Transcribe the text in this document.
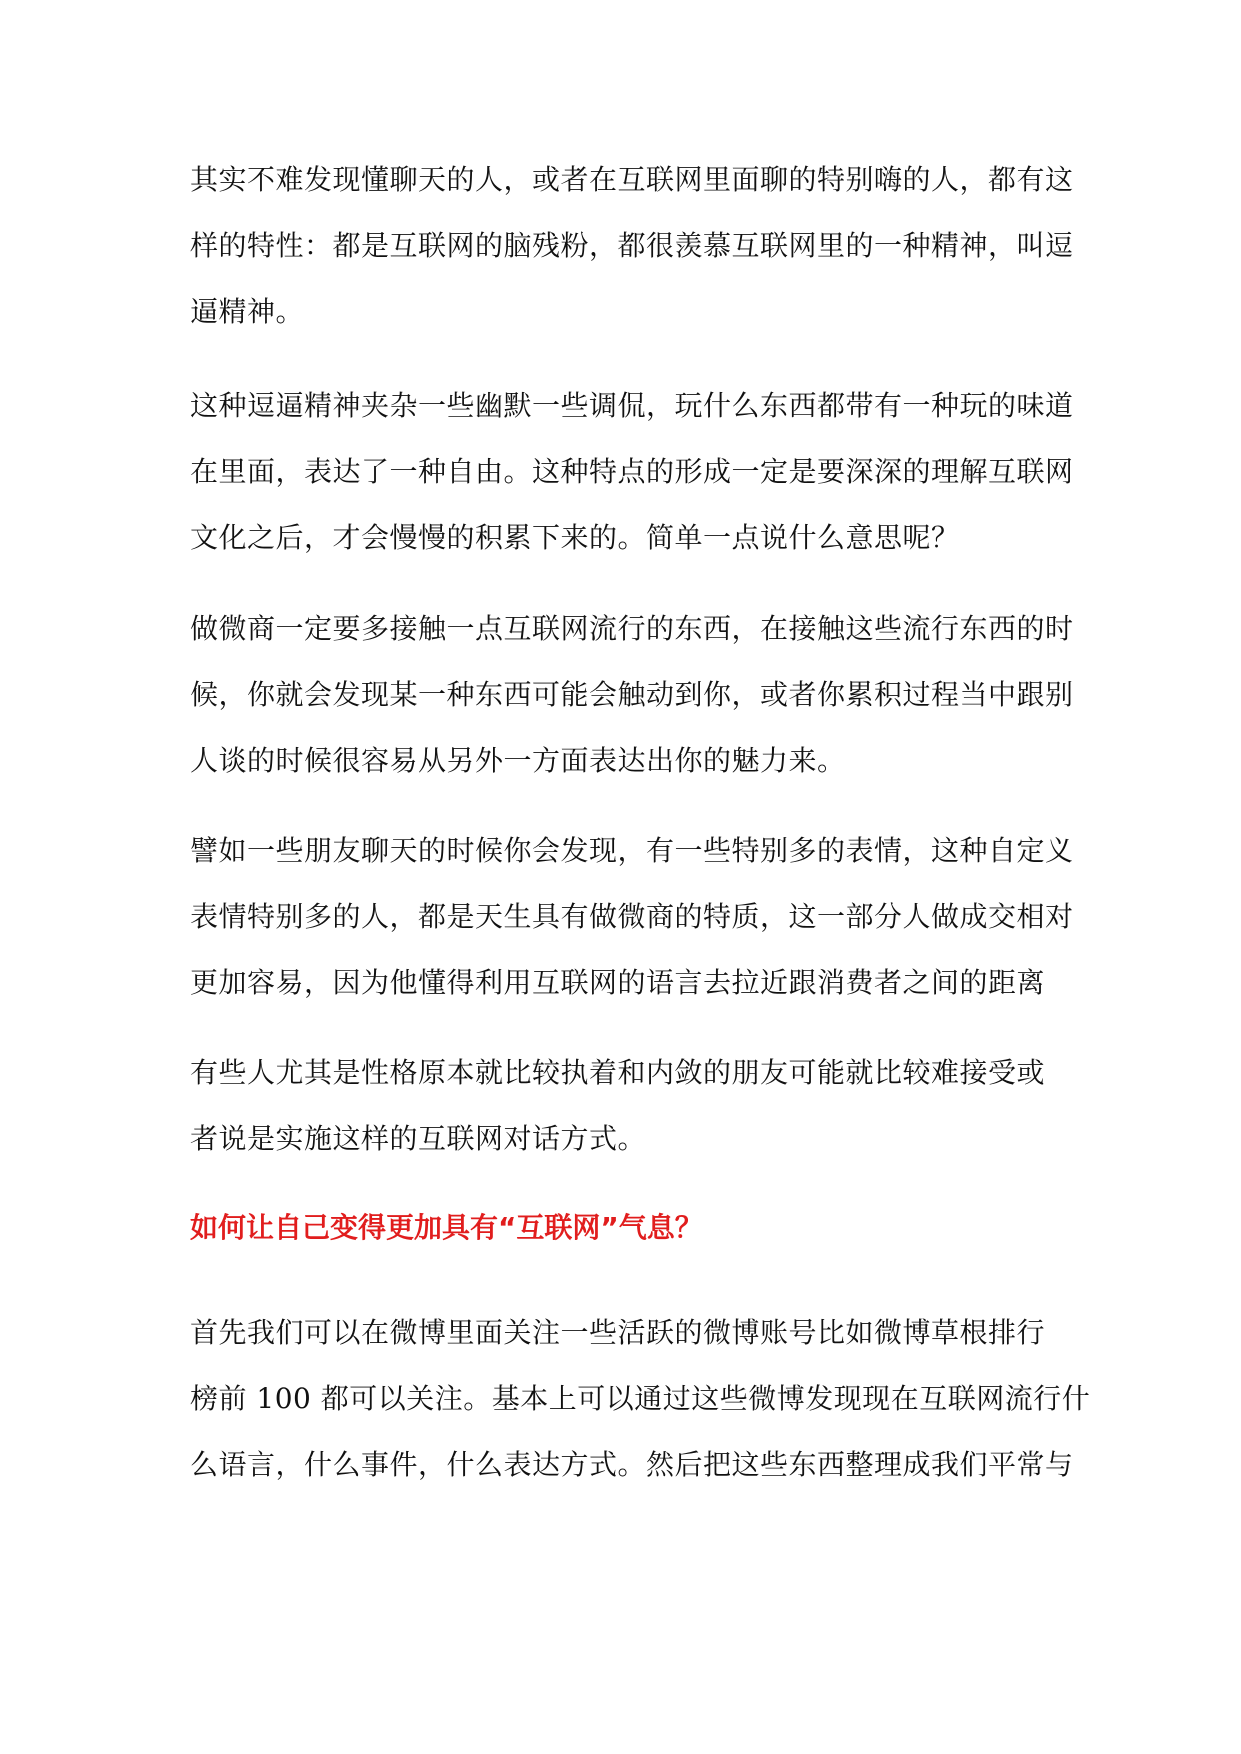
其实不难发现懂聊天的人，或者在互联网里面聊的特别嗨的人，都有这
样的特性：都是互联网的脑残粉，都很羡慕互联网里的一种精神，叫逗
逼精神。

这种逗逼精神夹杂一些幽默一些调侃，玩什么东西都带有一种玩的味道
在里面，表达了一种自由。这种特点的形成一定是要深深的理解互联网
文化之后，才会慢慢的积累下来的。简单一点说什么意思呢？

做微商一定要多接触一点互联网流行的东西，在接触这些流行东西的时
候，你就会发现某一种东西可能会触动到你，或者你累积过程当中跟别
人谈的时候很容易从另外一方面表达出你的魅力来。

譬如一些朋友聊天的时候你会发现，有一些特别多的表情，这种自定义
表情特别多的人，都是天生具有做微商的特质，这一部分人做成交相对
更加容易，因为他懂得利用互联网的语言去拉近跟消费者之间的距离

有些人尤其是性格原本就比较执着和内敛的朋友可能就比较难接受或
者说是实施这样的互联网对话方式。

如何让自己变得更加具有“互联网”气息？

首先我们可以在微博里面关注一些活跃的微博账号比如微博草根排行
榜前 100 都可以关注。基本上可以通过这些微博发现现在互联网流行什
么语言，什么事件，什么表达方式。然后把这些东西整理成我们平常与
